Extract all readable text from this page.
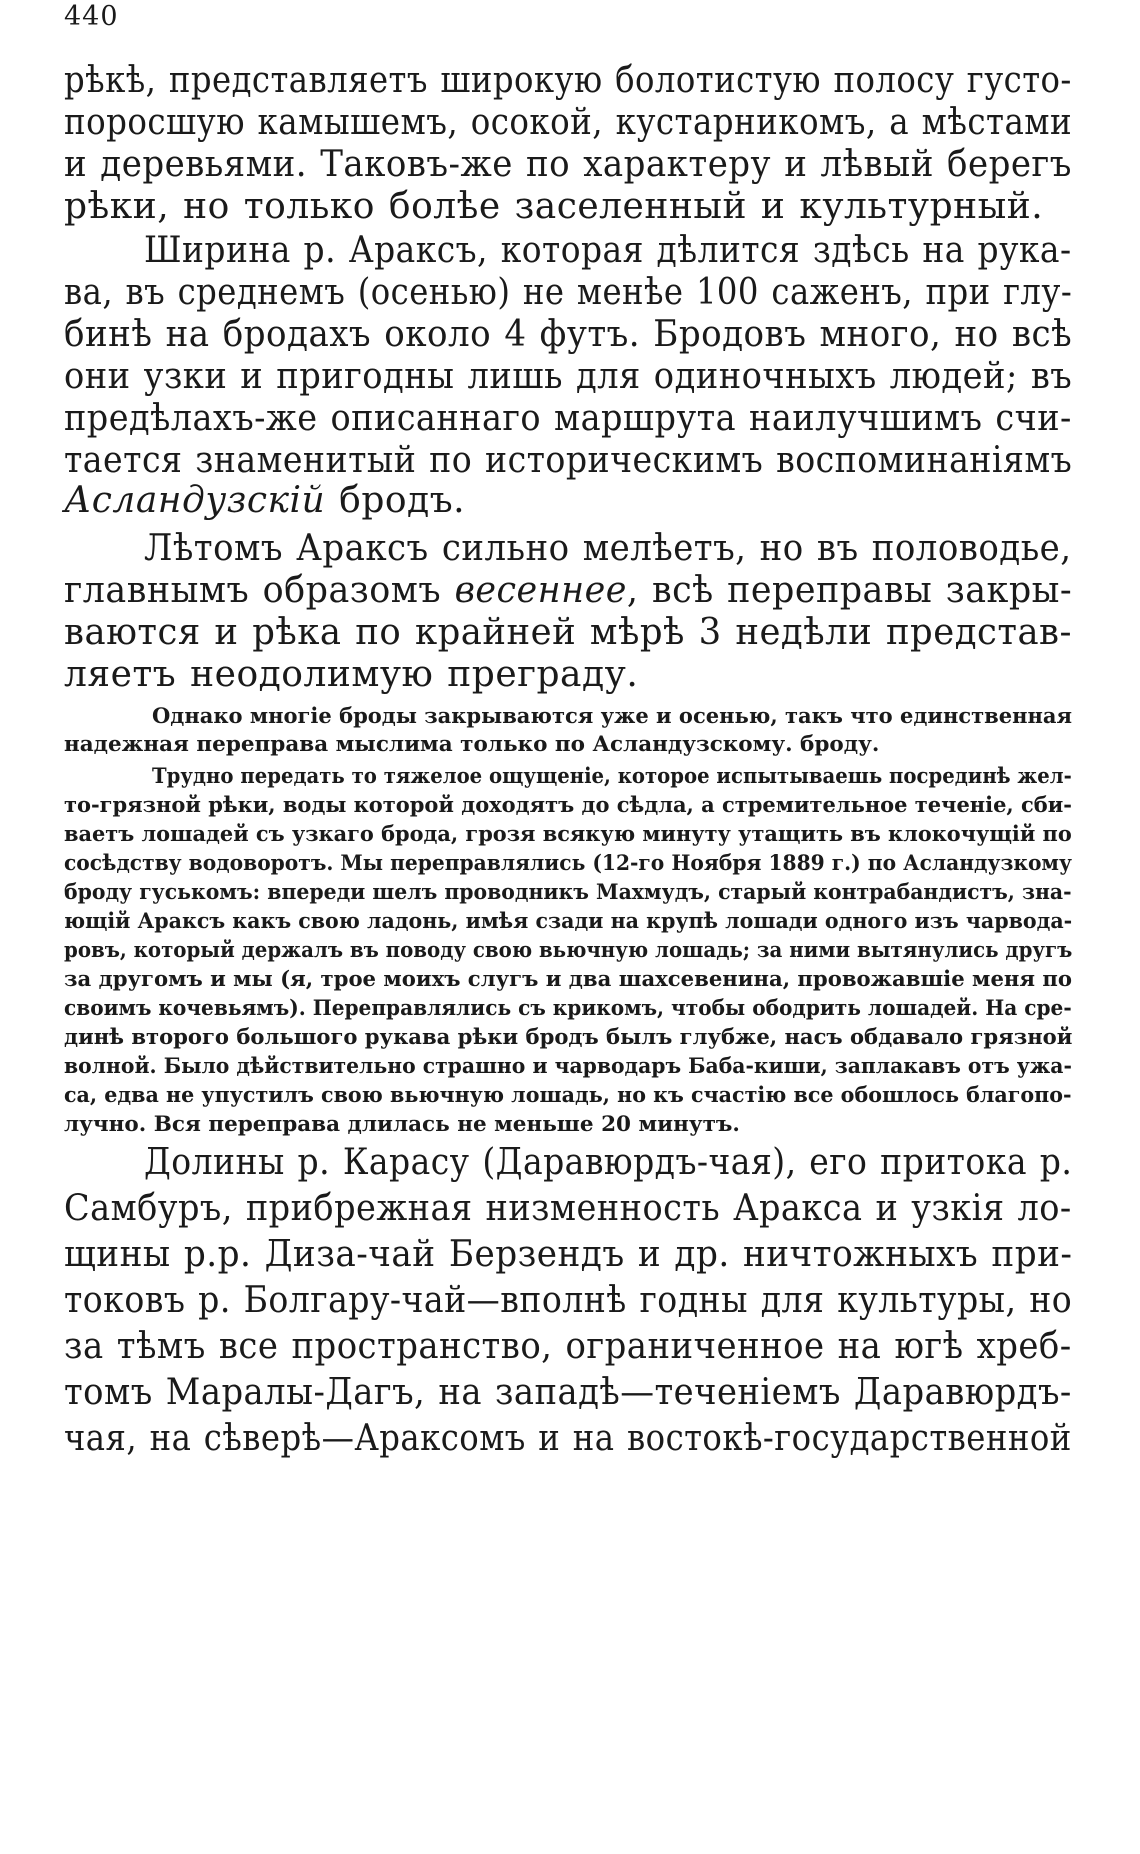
440
рѣкѣ, представляетъ широкую болотистую полосу густо-
поросшую камышемъ, осокой, кустарникомъ, а мѣстами
и деревьями. Таковъ-же по характеру и лѣвый берегъ
рѣки, но только болѣе заселенный и культурный.
Ширина р. Араксъ, которая дѣлится здѣсь на рука-
ва, въ среднемъ (осенью) не менѣе 100 саженъ, при глу-
бинѣ на бродахъ около 4 футъ. Бродовъ много, но всѣ
они узки и пригодны лишь для одиночныхъ людей; въ
предѣлахъ-же описаннаго маршрута наилучшимъ счи-
тается знаменитый по историческимъ воспоминаніямъ
Асландузскій бродъ.
Лѣтомъ Араксъ сильно мелѣетъ, но въ половодье,
главнымъ образомъ весеннее, всѣ переправы закры-
ваются и рѣка по крайней мѣрѣ 3 недѣли представ-
ляетъ неодолимую преграду.
Однако многіе броды закрываются уже и осенью, такъ что единственная
надежная переправа мыслима только по Асландузскому. броду.
Трудно передать то тяжелое ощущеніе, которое испытываешь посрединѣ жел-
то-грязной рѣки, воды которой доходятъ до сѣдла, а стремительное теченіе, сби-
ваетъ лошадей съ узкаго брода, грозя всякую минуту утащить въ клокочущій по
сосѣдству водоворотъ. Мы переправлялись (12-го Ноября 1889 г.) по Асландузкому
броду гуськомъ: впереди шелъ проводникъ Махмудъ, старый контрабандистъ, зна-
ющій Араксъ какъ свою ладонь, имѣя сзади на крупѣ лошади одного изъ чарвода-
ровъ, который держалъ въ поводу свою вьючную лошадь; за ними вытянулись другъ
за другомъ и мы (я, трое моихъ слугъ и два шахсевенина, провожавшіе меня по
своимъ кочевьямъ). Переправлялись съ крикомъ, чтобы ободрить лошадей. На сре-
динѣ второго большого рукава рѣки бродъ былъ глубже, насъ обдавало грязной
волной. Было дѣйствительно страшно и чарводаръ Баба-киши, заплакавъ отъ ужа-
са, едва не упустилъ свою вьючную лошадь, но къ счастію все обошлось благопо-
лучно. Вся переправа длилась не меньше 20 минутъ.
Долины р. Карасу (Даравюрдъ-чая), его притока р.
Самбуръ, прибрежная низменность Аракса и узкія ло-
щины р.р. Диза-чай Берзендъ и др. ничтожныхъ при-
токовъ р. Болгару-чай—вполнѣ годны для культуры, но
за тѣмъ все пространство, ограниченное на югѣ хреб-
томъ Маралы-Дагъ, на западѣ—теченіемъ Даравюрдъ-
чая, на сѣверѣ—Араксомъ и на востокѣ-государственной
